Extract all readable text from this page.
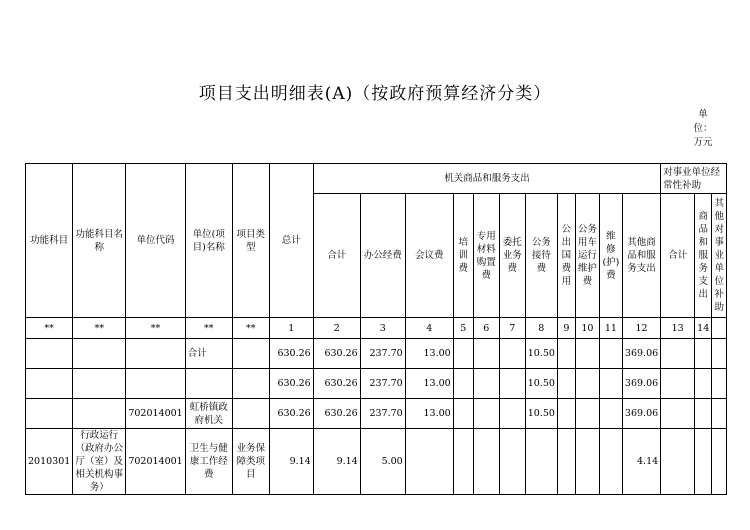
项目支出明细表(A)（按政府预算经济分类）
单位：万元
功能科目	功能科目名称	单位代码	单位(项目)名称	项目类型	总计	机关商品和服务支出											对事业单位经常性补助		
						合计	办公经费	会议费	培训费	专用材料购置费	委托业务费	公务接待费	公出国费用	公务用车运行维护费	维修(护)费	其他商品和服务支出	合计	商品和服务支出	其他对事业单位补助
**	**	**	**	**	1	2	3	4	5	6	7	8	9	10	11	12	13	14	
			合计		630.26	630.26	237.70	13.00				10.50				369.06			
					630.26	630.26	237.70	13.00				10.50				369.06			
		702014001	虹桥镇政府机关		630.26	630.26	237.70	13.00				10.50				369.06			
2010301	行政运行（政府办公厅（室）及相关机构事务）	702014001	卫生与健康工作经费	业务保障类项目	9.14	9.14	5.00									4.14			
